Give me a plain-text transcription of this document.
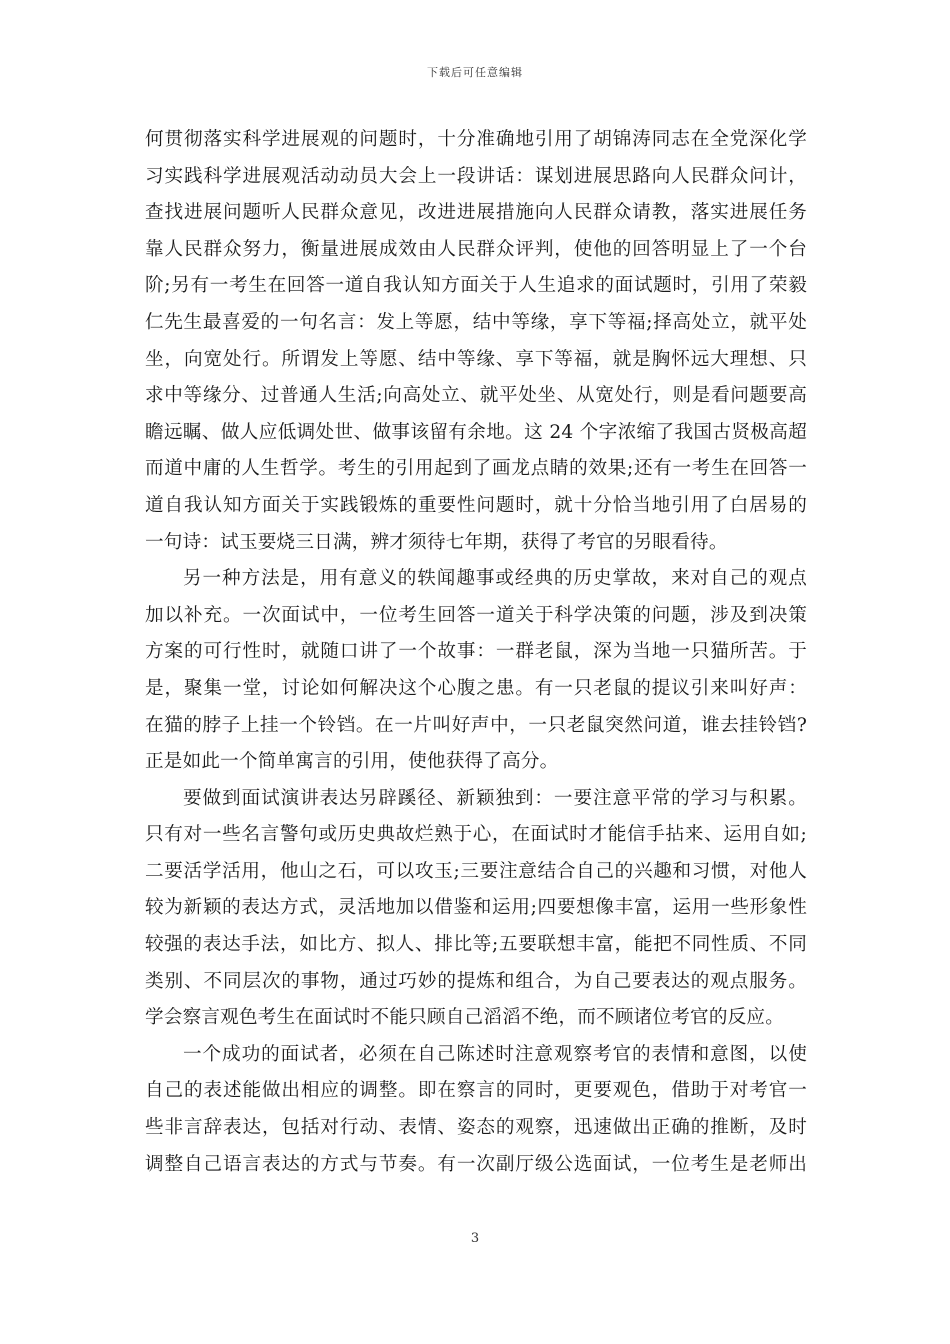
下载后可任意编辑
何贯彻落实科学进展观的问题时，十分准确地引用了胡锦涛同志在全党深化学
习实践科学进展观活动动员大会上一段讲话：谋划进展思路向人民群众问计，
查找进展问题听人民群众意见，改进进展措施向人民群众请教，落实进展任务
靠人民群众努力，衡量进展成效由人民群众评判，使他的回答明显上了一个台
阶;另有一考生在回答一道自我认知方面关于人生追求的面试题时，引用了荣毅
仁先生最喜爱的一句名言：发上等愿，结中等缘，享下等福;择高处立，就平处
坐，向宽处行。所谓发上等愿、结中等缘、享下等福，就是胸怀远大理想、只
求中等缘分、过普通人生活;向高处立、就平处坐、从宽处行，则是看问题要高
瞻远瞩、做人应低调处世、做事该留有余地。这 24 个字浓缩了我国古贤极高超
而道中庸的人生哲学。考生的引用起到了画龙点睛的效果;还有一考生在回答一
道自我认知方面关于实践锻炼的重要性问题时，就十分恰当地引用了白居易的
一句诗：试玉要烧三日满，辨才须待七年期，获得了考官的另眼看待。
另一种方法是，用有意义的轶闻趣事或经典的历史掌故，来对自己的观点
加以补充。一次面试中，一位考生回答一道关于科学决策的问题，涉及到决策
方案的可行性时，就随口讲了一个故事：一群老鼠，深为当地一只猫所苦。于
是，聚集一堂，讨论如何解决这个心腹之患。有一只老鼠的提议引来叫好声：
在猫的脖子上挂一个铃铛。在一片叫好声中，一只老鼠突然问道，谁去挂铃铛?
正是如此一个简单寓言的引用，使他获得了高分。
要做到面试演讲表达另辟蹊径、新颖独到：一要注意平常的学习与积累。
只有对一些名言警句或历史典故烂熟于心，在面试时才能信手拈来、运用自如;
二要活学活用，他山之石，可以攻玉;三要注意结合自己的兴趣和习惯，对他人
较为新颖的表达方式，灵活地加以借鉴和运用;四要想像丰富，运用一些形象性
较强的表达手法，如比方、拟人、排比等;五要联想丰富，能把不同性质、不同
类别、不同层次的事物，通过巧妙的提炼和组合，为自己要表达的观点服务。
学会察言观色考生在面试时不能只顾自己滔滔不绝，而不顾诸位考官的反应。
一个成功的面试者，必须在自己陈述时注意观察考官的表情和意图，以使
自己的表述能做出相应的调整。即在察言的同时，更要观色，借助于对考官一
些非言辞表达，包括对行动、表情、姿态的观察，迅速做出正确的推断，及时
调整自己语言表达的方式与节奏。有一次副厅级公选面试，一位考生是老师出
3
